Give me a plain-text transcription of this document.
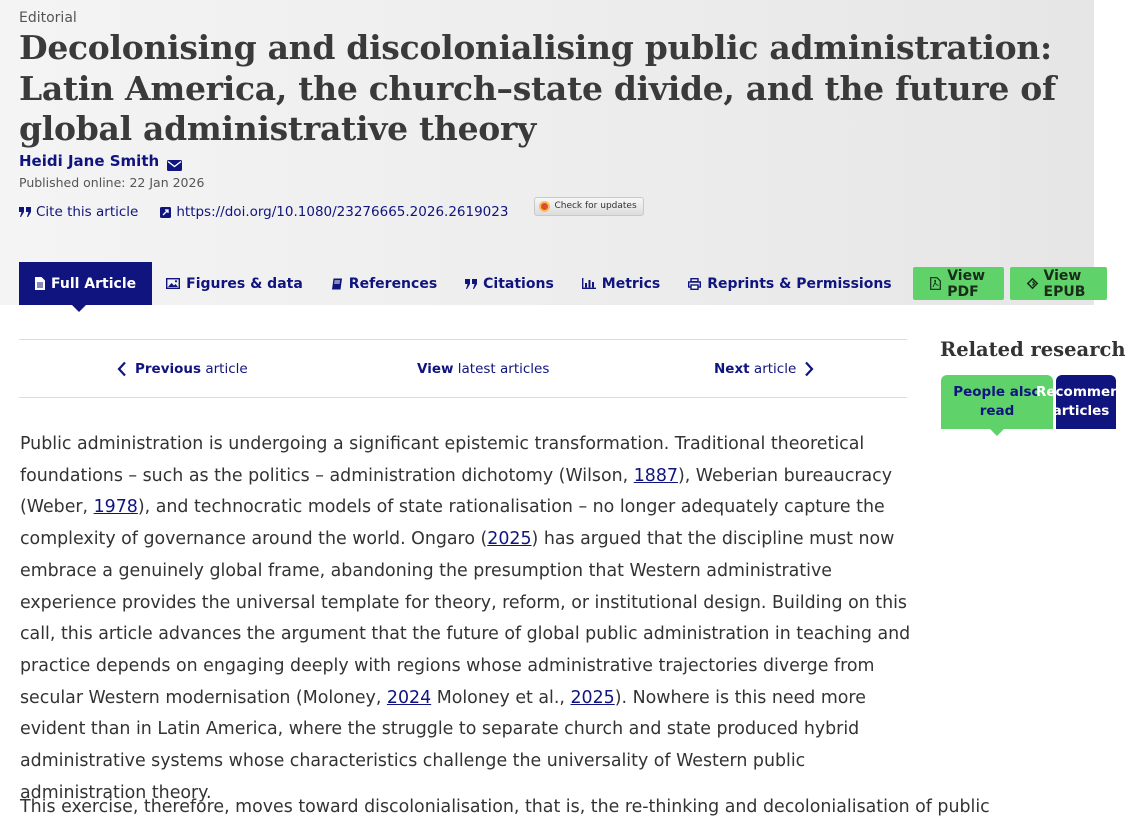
Editorial
Decolonising and discolonialising public administration: Latin America, the church–state divide, and the future of global administrative theory
Heidi Jane Smith
Published online: 22 Jan 2026
Cite this article	https://doi.org/10.1080/23276665.2026.2619023	Check for updates
Full Article	Figures & data	References	Citations	Metrics	Reprints & Permissions	View PDF
View EPUB
Previous article	View latest articles	Next article

Public administration is undergoing a significant epistemic transformation. Traditional theoretical foundations – such as the politics – administration dichotomy (Wilson, 1887), Weberian bureaucracy (Weber, 1978), and technocratic models of state rationalisation – no longer adequately capture the complexity of governance around the world. Ongaro (2025) has argued that the discipline must now embrace a genuinely global frame, abandoning the presumption that Western administrative experience provides the universal template for theory, reform, or institutional design. Building on this call, this article advances the argument that the future of global public administration in teaching and practice depends on engaging deeply with regions whose administrative trajectories diverge from secular Western modernisation (Moloney, 2024 Moloney et al., 2025). Nowhere is this need more evident than in Latin America, where the struggle to separate church and state produced hybrid administrative systems whose characteristics challenge the universality of Western public administration theory.

This exercise, therefore, moves toward discolonialisation, that is, the re-thinking and decolonialisation of public

Related research
People also read
Recommended articles
